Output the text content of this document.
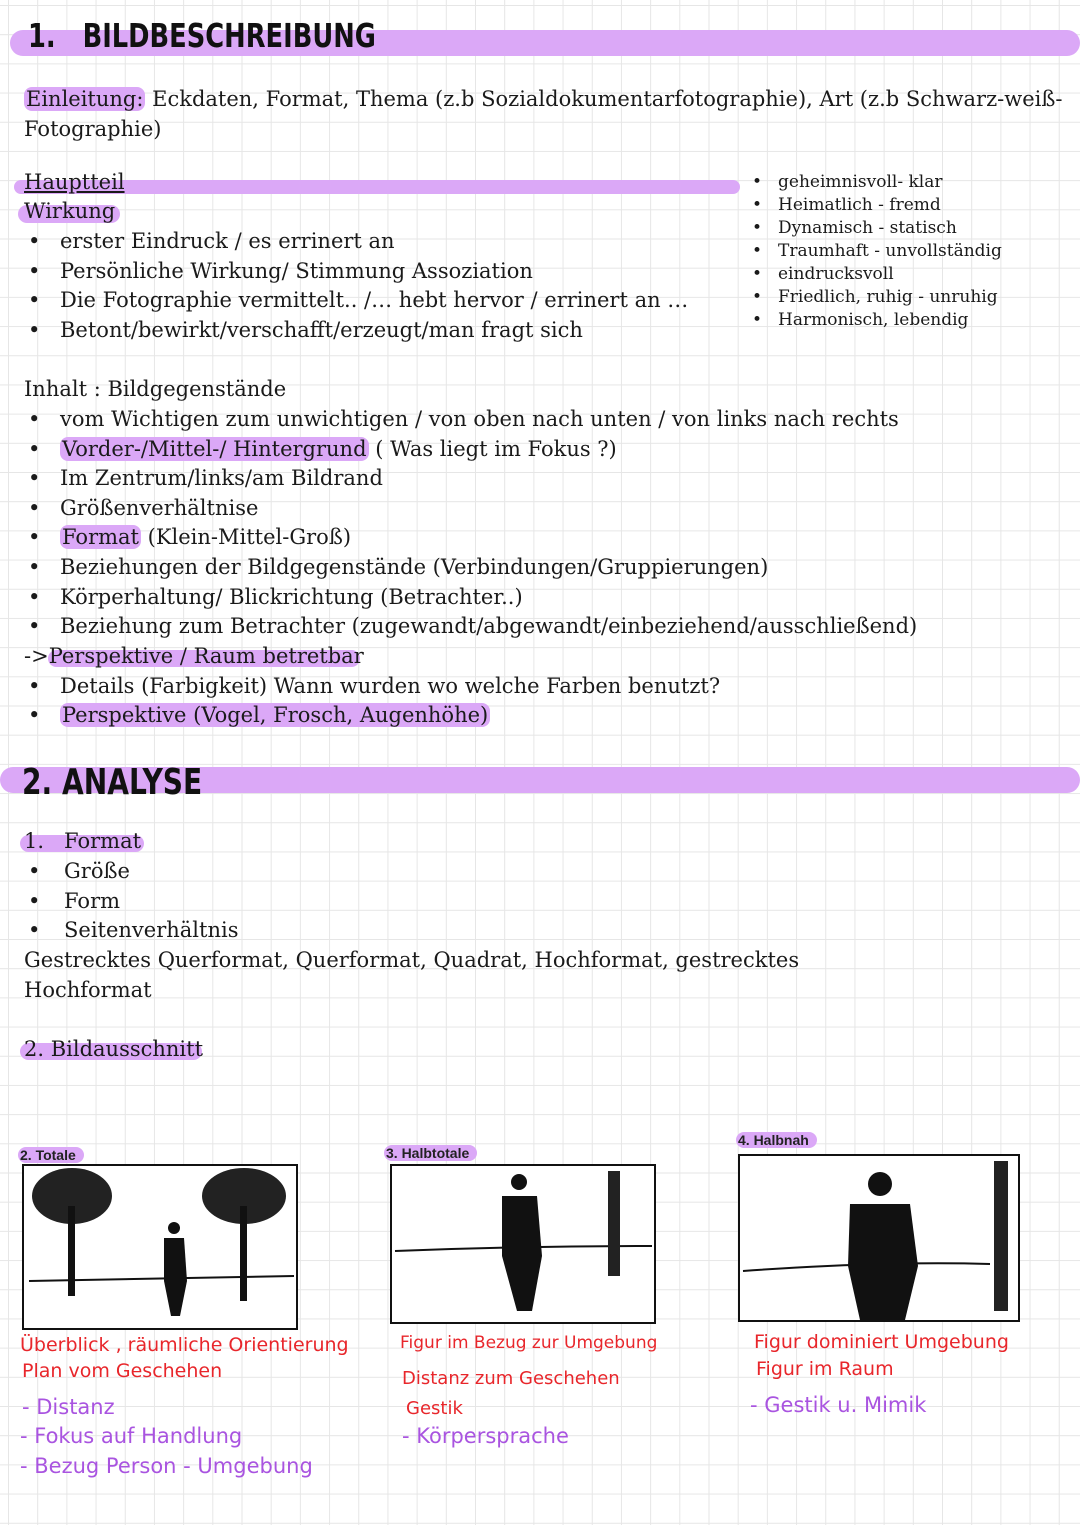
1. BILDBESCHREIBUNG
Einleitung: Eckdaten, Format, Thema (z.b Sozialdokumentarfotographie), Art (z.b Schwarz-weiß-
Fotographie)
Hauptteil
Wirkung
• erster Eindruck / es errinert an
• Persönliche Wirkung/ Stimmung Assoziation
• Die Fotographie vermittelt.. /… hebt hervor / errinert an …
• Betont/bewirkt/verschafft/erzeugt/man fragt sich
• geheimnisvoll- klar
• Heimatlich - fremd
• Dynamisch - statisch
• Traumhaft - unvollständig
• eindrucksvoll
• Friedlich, ruhig - unruhig
• Harmonisch, lebendig
Inhalt : Bildgegenstände
• vom Wichtigen zum unwichtigen / von oben nach unten / von links nach rechts
• Vorder-/Mittel-/ Hintergrund ( Was liegt im Fokus ?)
• Im Zentrum/links/am Bildrand
• Größenverhältnise
• Format (Klein-Mittel-Groß)
• Beziehungen der Bildgegenstände (Verbindungen/Gruppierungen)
• Körperhaltung/ Blickrichtung (Betrachter..)
• Beziehung zum Betrachter (zugewandt/abgewandt/einbeziehend/ausschließend)
->Perspektive / Raum betretbar
• Details (Farbigkeit) Wann wurden wo welche Farben benutzt?
• Perspektive (Vogel, Frosch, Augenhöhe)
2. ANALYSE
1.   Format
• Größe
• Form
• Seitenverhältnis
Gestrecktes Querformat, Querformat, Quadrat, Hochformat, gestrecktes
Hochformat
2. Bildausschnitt
2. Totale
Überblick , räumliche Orientierung
Plan vom Geschehen
- Distanz
- Fokus auf Handlung
- Bezug Person - Umgebung
3. Halbtotale
Figur im Bezug zur Umgebung
Distanz zum Geschehen
Gestik
- Körpersprache
4. Halbnah
Figur dominiert Umgebung
Figur im Raum
- Gestik u. Mimik
